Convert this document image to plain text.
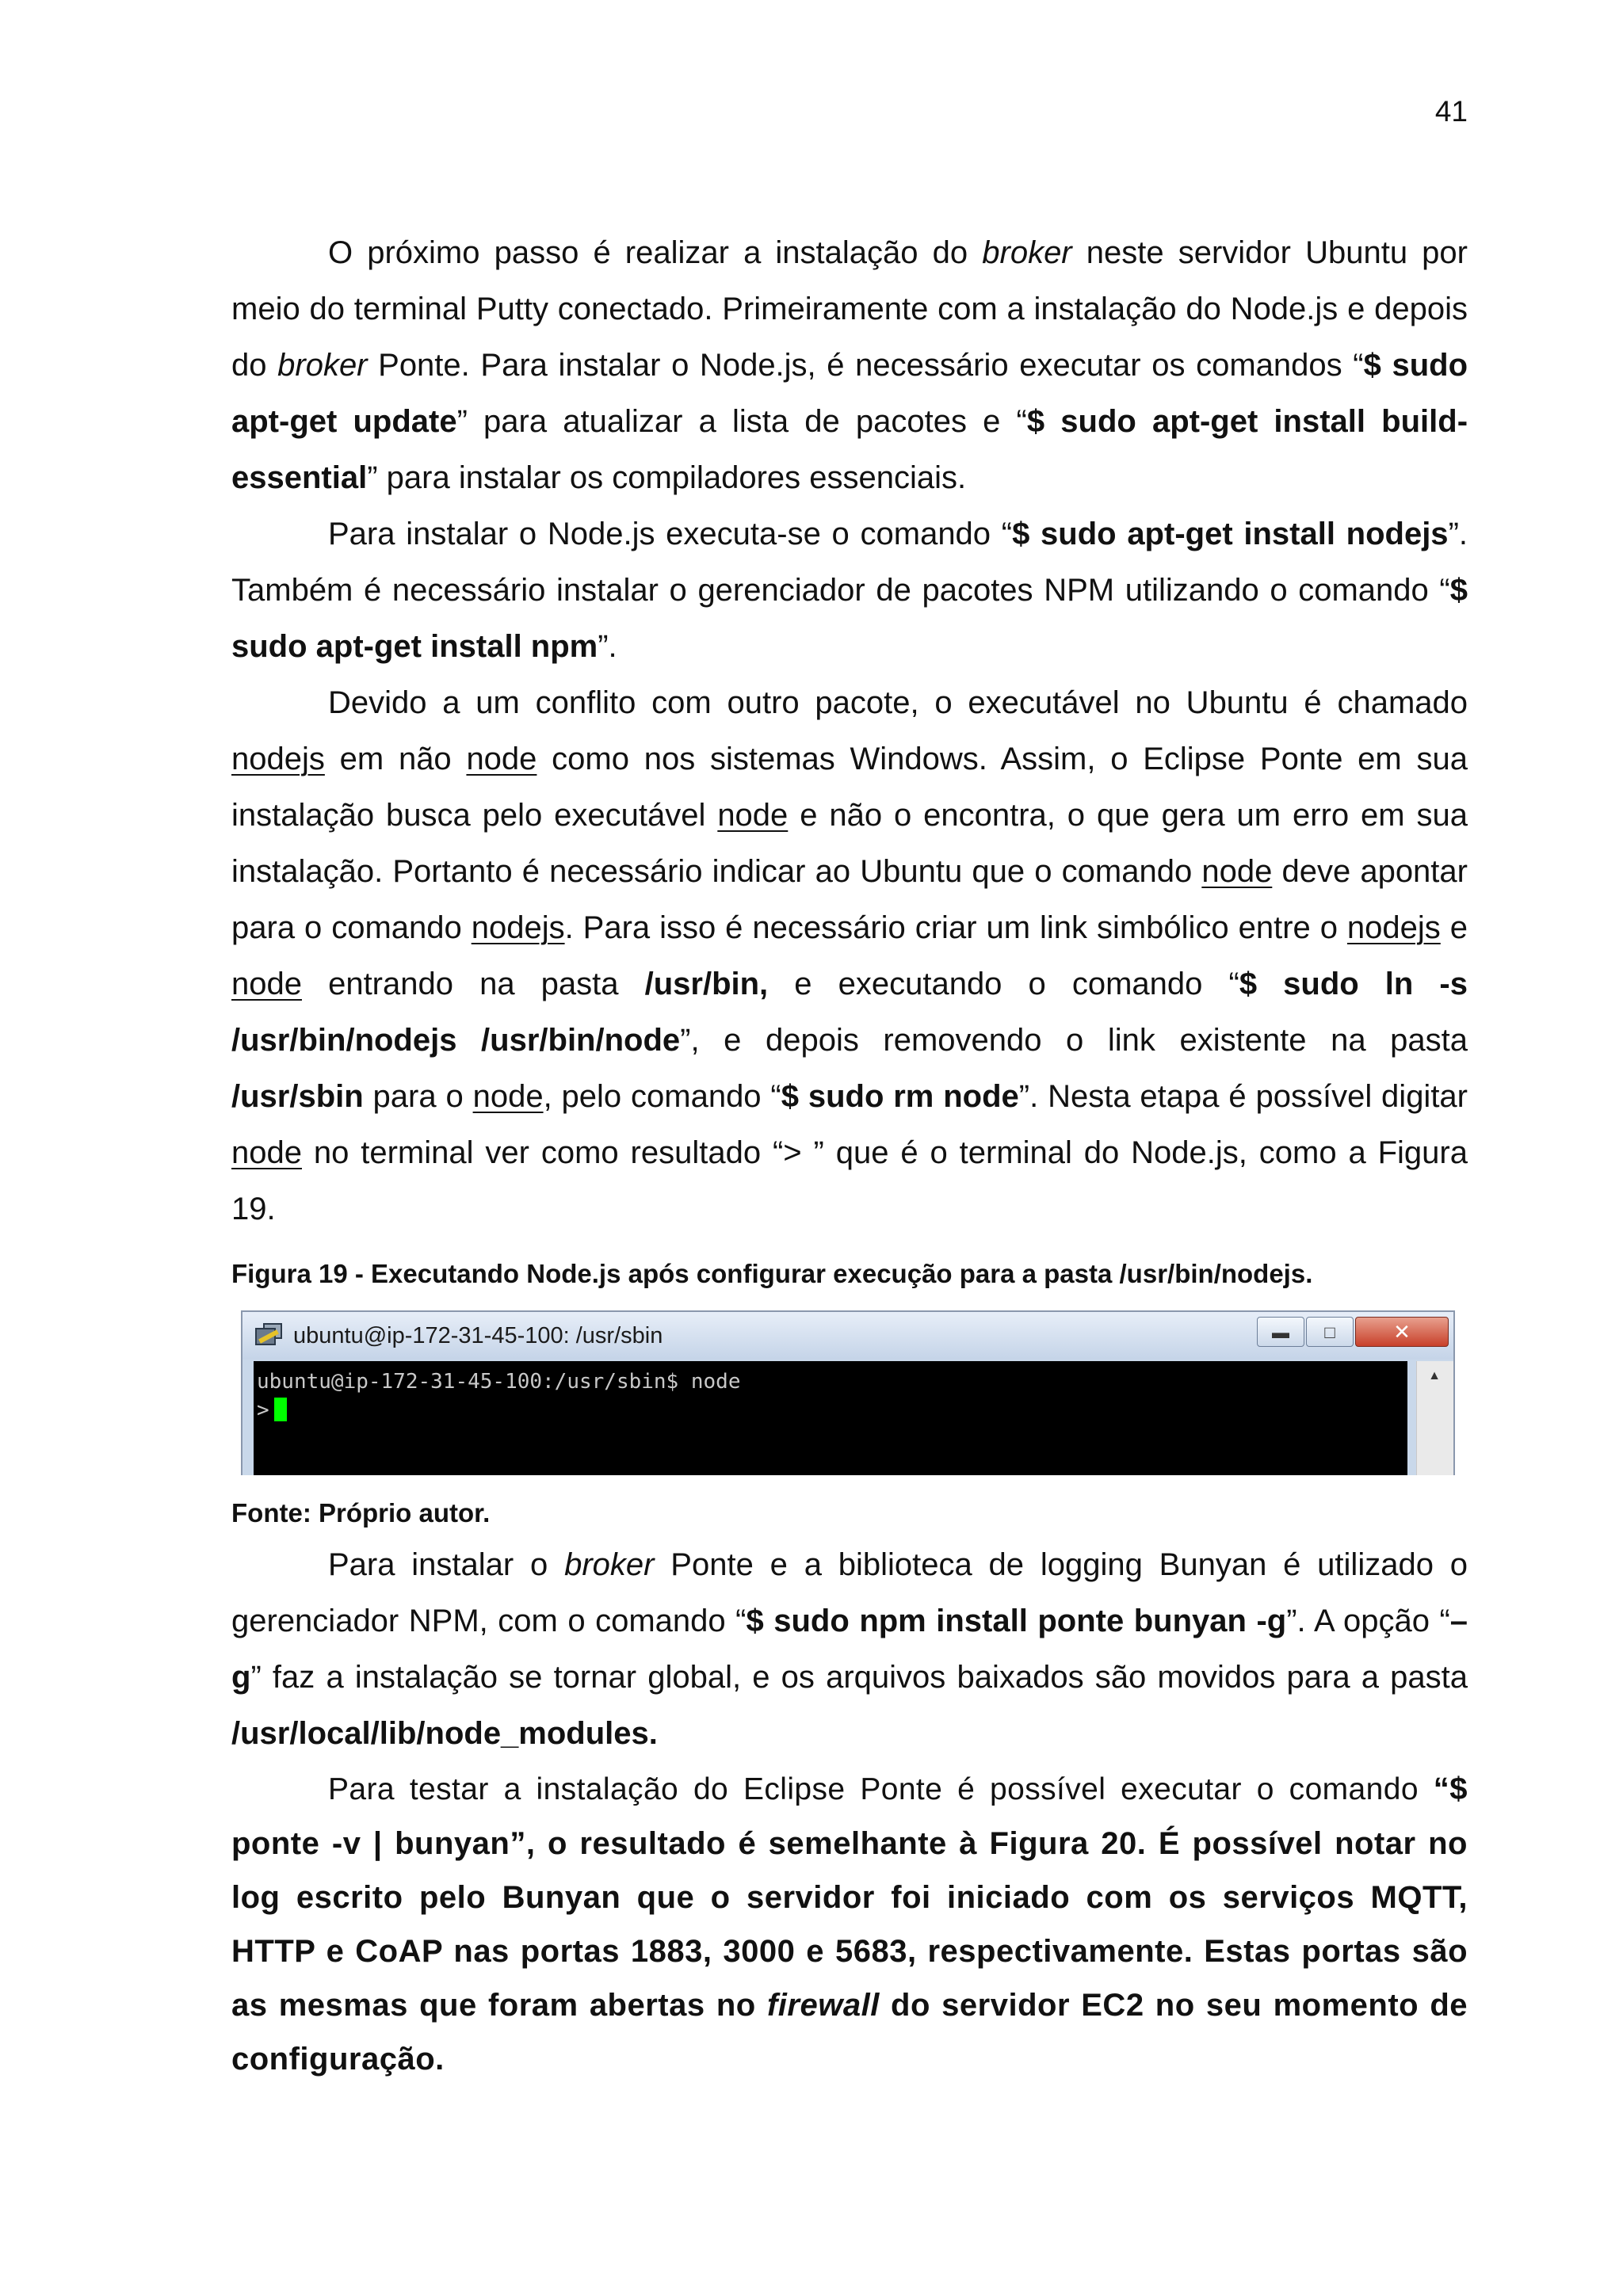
41

O próximo passo é realizar a instalação do broker neste servidor Ubuntu por meio do terminal Putty conectado. Primeiramente com a instalação do Node.js e depois do broker Ponte. Para instalar o Node.js, é necessário executar os comandos “$ sudo apt-get update” para atualizar a lista de pacotes e “$ sudo apt-get install build-essential” para instalar os compiladores essenciais.

Para instalar o Node.js executa-se o comando “$ sudo apt-get install nodejs”. Também é necessário instalar o gerenciador de pacotes NPM utilizando o comando “$ sudo apt-get install npm”.

Devido a um conflito com outro pacote, o executável no Ubuntu é chamado nodejs em não node como nos sistemas Windows. Assim, o Eclipse Ponte em sua instalação busca pelo executável node e não o encontra, o que gera um erro em sua instalação. Portanto é necessário indicar ao Ubuntu que o comando node deve apontar para o comando nodejs. Para isso é necessário criar um link simbólico entre o nodejs e node entrando na pasta /usr/bin, e executando o comando “$ sudo ln -s /usr/bin/nodejs /usr/bin/node”, e depois removendo o link existente na pasta /usr/sbin para o node, pelo comando “$ sudo rm node”. Nesta etapa é possível digitar node no terminal ver como resultado “> ” que é o terminal do Node.js, como a Figura 19.

Figura 19 - Executando Node.js após configurar execução para a pasta /usr/bin/nodejs.
ubuntu@ip-172-31-45-100: /usr/sbin	▬	□	✕
ubuntu@ip-172-31-45-100:/usr/sbin$ node
>
▲
Fonte: Próprio autor.

Para instalar o broker Ponte e a biblioteca de logging Bunyan é utilizado o gerenciador NPM, com o comando “$ sudo npm install ponte bunyan -g”. A opção “–g” faz a instalação se tornar global, e os arquivos baixados são movidos para a pasta /usr/local/lib/node_modules.

Para testar a instalação do Eclipse Ponte é possível executar o comando “$ ponte -v | bunyan”, o resultado é semelhante à Figura 20. É possível notar no log escrito pelo Bunyan que o servidor foi iniciado com os serviços MQTT, HTTP e CoAP nas portas 1883, 3000 e 5683, respectivamente. Estas portas são as mesmas que foram abertas no firewall do servidor EC2 no seu momento de configuração.
